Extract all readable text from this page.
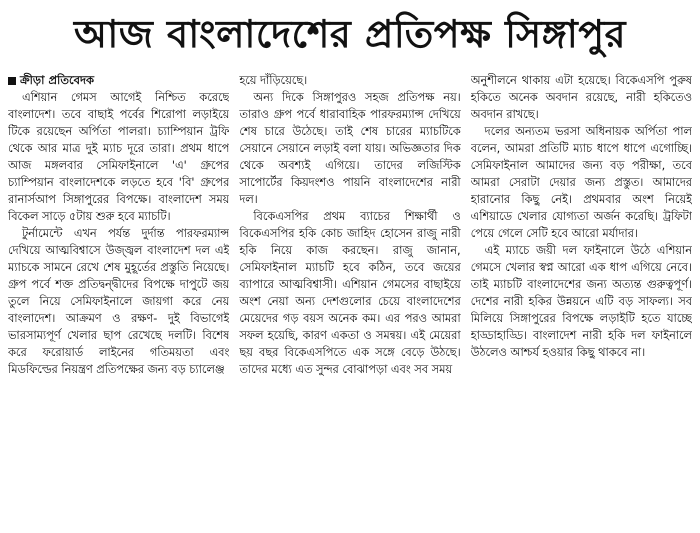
আজ বাংলাদেশের প্রতিপক্ষ সিঙ্গাপুর
ক্রীড়া প্রতিবেদক

এশিয়ান গেমস আগেই নিশ্চিত করেছে বাংলাদেশ। তবে বাছাই পর্বের শিরোপা লড়াইয়ে টিকে রয়েছেন অর্পিতা পালরা। চ্যাম্পিয়ান ট্রফি থেকে আর মাত্র দুই ম্যাচ দূরে তারা। প্রথম ধাপে আজ মঙ্গলবার সেমিফাইনালে 'এ' গ্রুপের চ্যাম্পিয়ান বাংলাদেশকে লড়তে হবে 'বি' গ্রুপের রানার্সআপ সিঙ্গাপুরের বিপক্ষে। বাংলাদেশ সময় বিকেল সাড়ে ৫টায় শুরু হবে ম্যাচটি।

টুর্নামেন্টে এখন পর্যন্ত দুর্দান্ত পারফরম্যান্স দেখিয়ে আত্মবিশ্বাসে উজ্জ্বল বাংলাদেশ দল এই ম্যাচকে সামনে রেখে শেষ মুহূর্তের প্রস্তুতি নিয়েছে। গ্রুপ পর্বে শক্ত প্রতিদ্বন্দ্বীদের বিপক্ষে দাপুটে জয় তুলে নিয়ে সেমিফাইনালে জায়গা করে নেয় বাংলাদেশ। আক্রমণ ও রক্ষণ- দুই বিভাগেই ভারসাম্যপূর্ণ খেলার ছাপ রেখেছে দলটি। বিশেষ করে ফরোয়ার্ড লাইনের গতিময়তা এবং মিডফিল্ডের নিয়ন্ত্রণ প্রতিপক্ষের জন্য বড় চ্যালেঞ্জ

হয়ে দাঁড়িয়েছে।

অন্য দিকে সিঙ্গাপুরও সহজ প্রতিপক্ষ নয়। তারাও গ্রুপ পর্বে ধারাবাহিক পারফরম্যান্স দেখিয়ে শেষ চারে উঠেছে। তাই শেষ চারের ম্যাচটিকে সেয়ানে সেয়ানে লড়াই বলা যায়। অভিজ্ঞতার দিক থেকে অবশ্যই এগিয়ে। তাদের লজিস্টিক সাপোর্টের কিয়দংশও পায়নি বাংলাদেশের নারী দল।

বিকেএসপির প্রথম ব্যাচের শিক্ষার্থী ও বিকেএসপির হকি কোচ জাহিদ হোসেন রাজু নারী হকি নিয়ে কাজ করছেন। রাজু জানান, সেমিফাইনাল ম্যাচটি হবে কঠিন, তবে জয়ের ব্যাপারে আত্মবিশ্বাসী। এশিয়ান গেমসের বাছাইয়ে অংশ নেয়া অন্য দেশগুলোর চেয়ে বাংলাদেশের মেয়েদের গড় বয়স অনেক কম। এর পরও আমরা সফল হয়েছি, কারণ একতা ও সমন্বয়। এই মেয়েরা ছয় বছর বিকেএসপিতে এক সঙ্গে বেড়ে উঠছে। তাদের মধ্যে এত সুন্দর বোঝাপড়া এবং সব সময়

অনুশীলনে থাকায় এটা হয়েছে। বিকেএসপি পুরুষ হকিতে অনেক অবদান রয়েছে, নারী হকিতেও অবদান রাখছে।

দলের অন্যতম ভরসা অধিনায়ক অর্পিতা পাল বলেন, আমরা প্রতিটি ম্যাচ ধাপে ধাপে এগোচ্ছি। সেমিফাইনাল আমাদের জন্য বড় পরীক্ষা, তবে আমরা সেরাটা দেয়ার জন্য প্রস্তুত। আমাদের হারানোর কিছু নেই। প্রথমবার অংশ নিয়েই এশিয়াডে খেলার যোগ্যতা অর্জন করেছি। ট্রফিটা পেয়ে গেলে সেটি হবে আরো মর্যাদার।

এই ম্যাচে জয়ী দল ফাইনালে উঠে এশিয়ান গেমসে খেলার স্বপ্ন আরো এক ধাপ এগিয়ে নেবে। তাই ম্যাচটি বাংলাদেশের জন্য অত্যন্ত গুরুত্বপূর্ণ। দেশের নারী হকির উন্নয়নে এটি বড় সাফল্য। সব মিলিয়ে সিঙ্গাপুরের বিপক্ষে লড়াইটি হতে যাচ্ছে হাড্ডাহাড্ডি। বাংলাদেশ নারী হকি দল ফাইনালে উঠলেও আশ্চর্য হওয়ার কিছু থাকবে না।
